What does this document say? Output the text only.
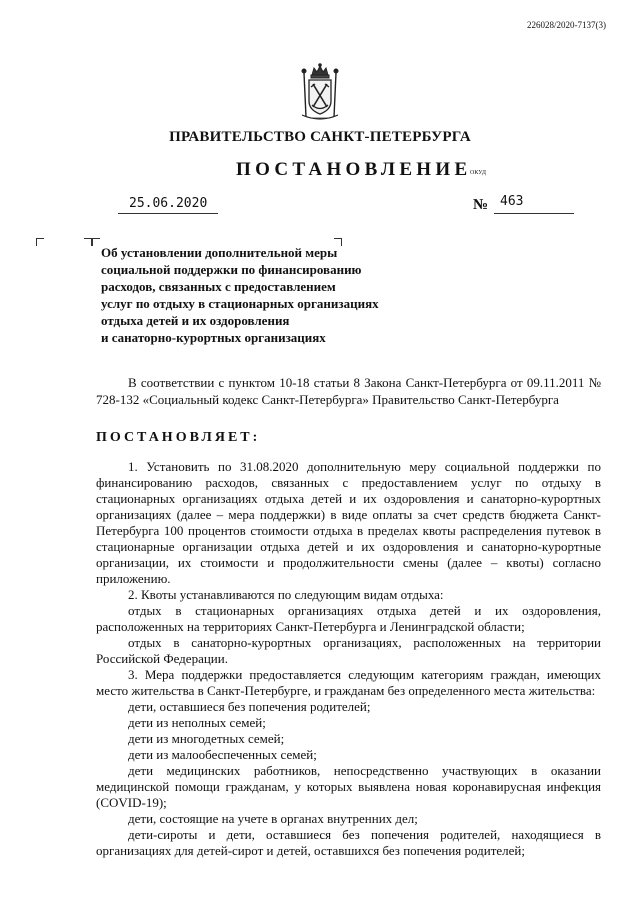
226028/2020-7137(3)
ПРАВИТЕЛЬСТВО САНКТ-ПЕТЕРБУРГА
ПОСТАНОВЛЕНИЕ
ОКУД
25.06.2020	№ 463
Об установлении дополнительной меры
социальной поддержки по финансированию
расходов, связанных с предоставлением
услуг по отдыху в стационарных организациях
отдыха детей и их оздоровления
и санаторно-курортных организациях
В соответствии с пунктом 10-18 статьи 8 Закона Санкт-Петербурга от 09.11.2011 № 728-132 «Социальный кодекс Санкт-Петербурга» Правительство Санкт-Петербурга
ПОСТАНОВЛЯЕТ:

1. Установить по 31.08.2020 дополнительную меру социальной поддержки по финансированию расходов, связанных с предоставлением услуг по отдыху в стационарных организациях отдыха детей и их оздоровления и санаторно-курортных организациях (далее – мера поддержки) в виде оплаты за счет средств бюджета Санкт-Петербурга 100 процентов стоимости отдыха в пределах квоты распределения путевок в стационарные организации отдыха детей и их оздоровления и санаторно-курортные организации, их стоимости и продолжительности смены (далее – квоты) согласно приложению.

2. Квоты устанавливаются по следующим видам отдыха:

отдых в стационарных организациях отдыха детей и их оздоровления, расположенных на территориях Санкт-Петербурга и Ленинградской области;

отдых в санаторно-курортных организациях, расположенных на территории Российской Федерации.

3. Мера поддержки предоставляется следующим категориям граждан, имеющих место жительства в Санкт-Петербурге, и гражданам без определенного места жительства:

дети, оставшиеся без попечения родителей;

дети из неполных семей;

дети из многодетных семей;

дети из малообеспеченных семей;

дети медицинских работников, непосредственно участвующих в оказании медицинской помощи гражданам, у которых выявлена новая коронавирусная инфекция (COVID-19);

дети, состоящие на учете в органах внутренних дел;

дети-сироты и дети, оставшиеся без попечения родителей, находящиеся в организациях для детей-сирот и детей, оставшихся без попечения родителей;
